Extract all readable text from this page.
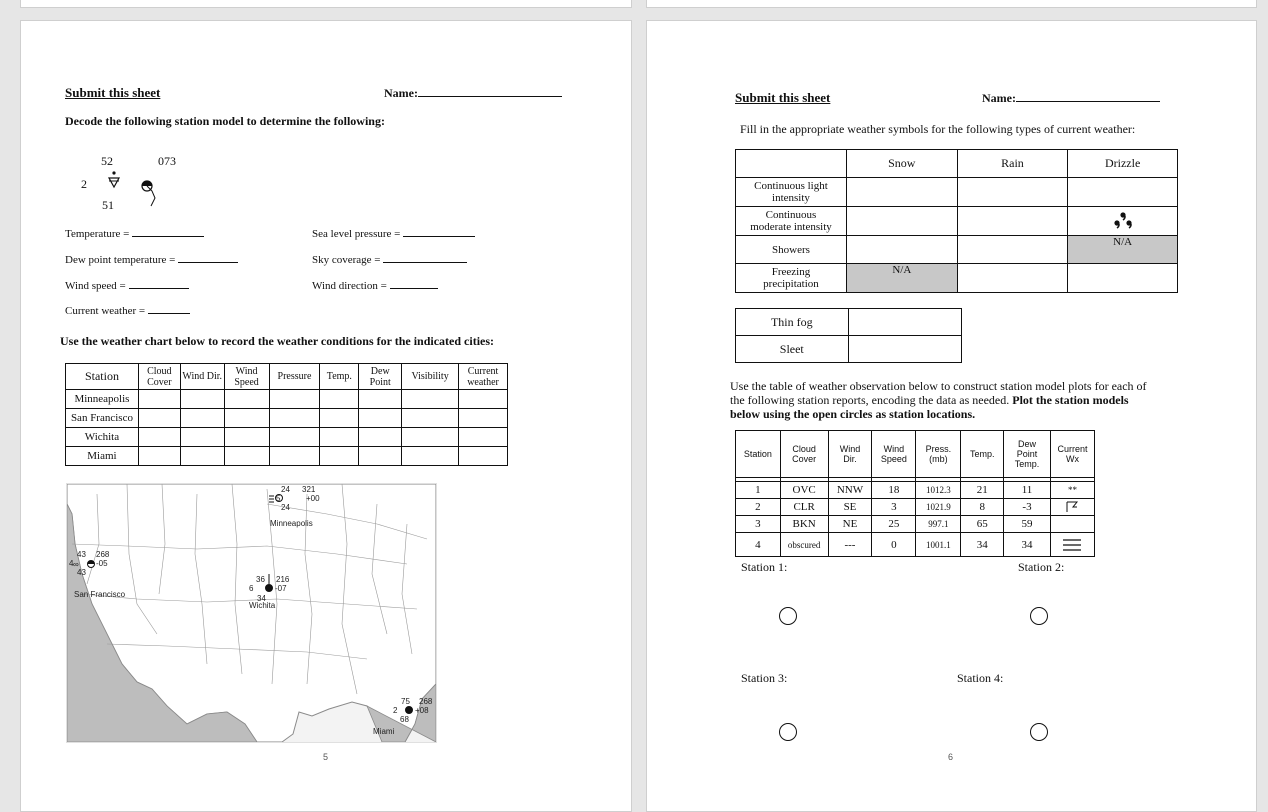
Submit this sheet	Name:
Decode the following station model to determine the following:
52	073
2
51
Temperature =	Sea level pressure =
Dew point temperature =	Sky coverage =
Wind speed =	Wind direction =
Current weather =
Use the weather chart below to record the weather conditions for the indicated cities:
Station	Cloud Cover	Wind Dir.	Wind Speed	Pressure	Temp.	Dew Point	Visibility	Current weather
Minneapolis								
San Francisco								
Wichita								
Miami								
24 321
5	+00
24
Minneapolis
∞
43 268
4	-05
43
San Francisco
36 216
6	-07
34
Wichita
75 268
2 +08
68
Miami
5
Submit this sheet	Name:
Fill in the appropriate weather symbols for the following types of current weather:
	Snow	Rain	Drizzle
Continuous light intensity			
Continuous moderate intensity			
Showers			N/A
Freezing precipitation	N/A		
Thin fog	
Sleet	
Use the table of weather observation below to construct station model plots for each of
the following station reports, encoding the data as needed. Plot the station models
below using the open circles as station locations.
Station	Cloud Cover	Wind Dir.	Wind Speed	Press. (mb)	Temp.	Dew Point Temp.	Current Wx

1	OVC	NNW	18	1012.3	21	11	**
2	CLR	SE	3	1021.9	8	-3	

3	BKN	NE	25	997.1	65	59	
4	obscured	---	0	1001.1	34	34	
Station 1:	Station 2:
Station 3:	Station 4:
6
